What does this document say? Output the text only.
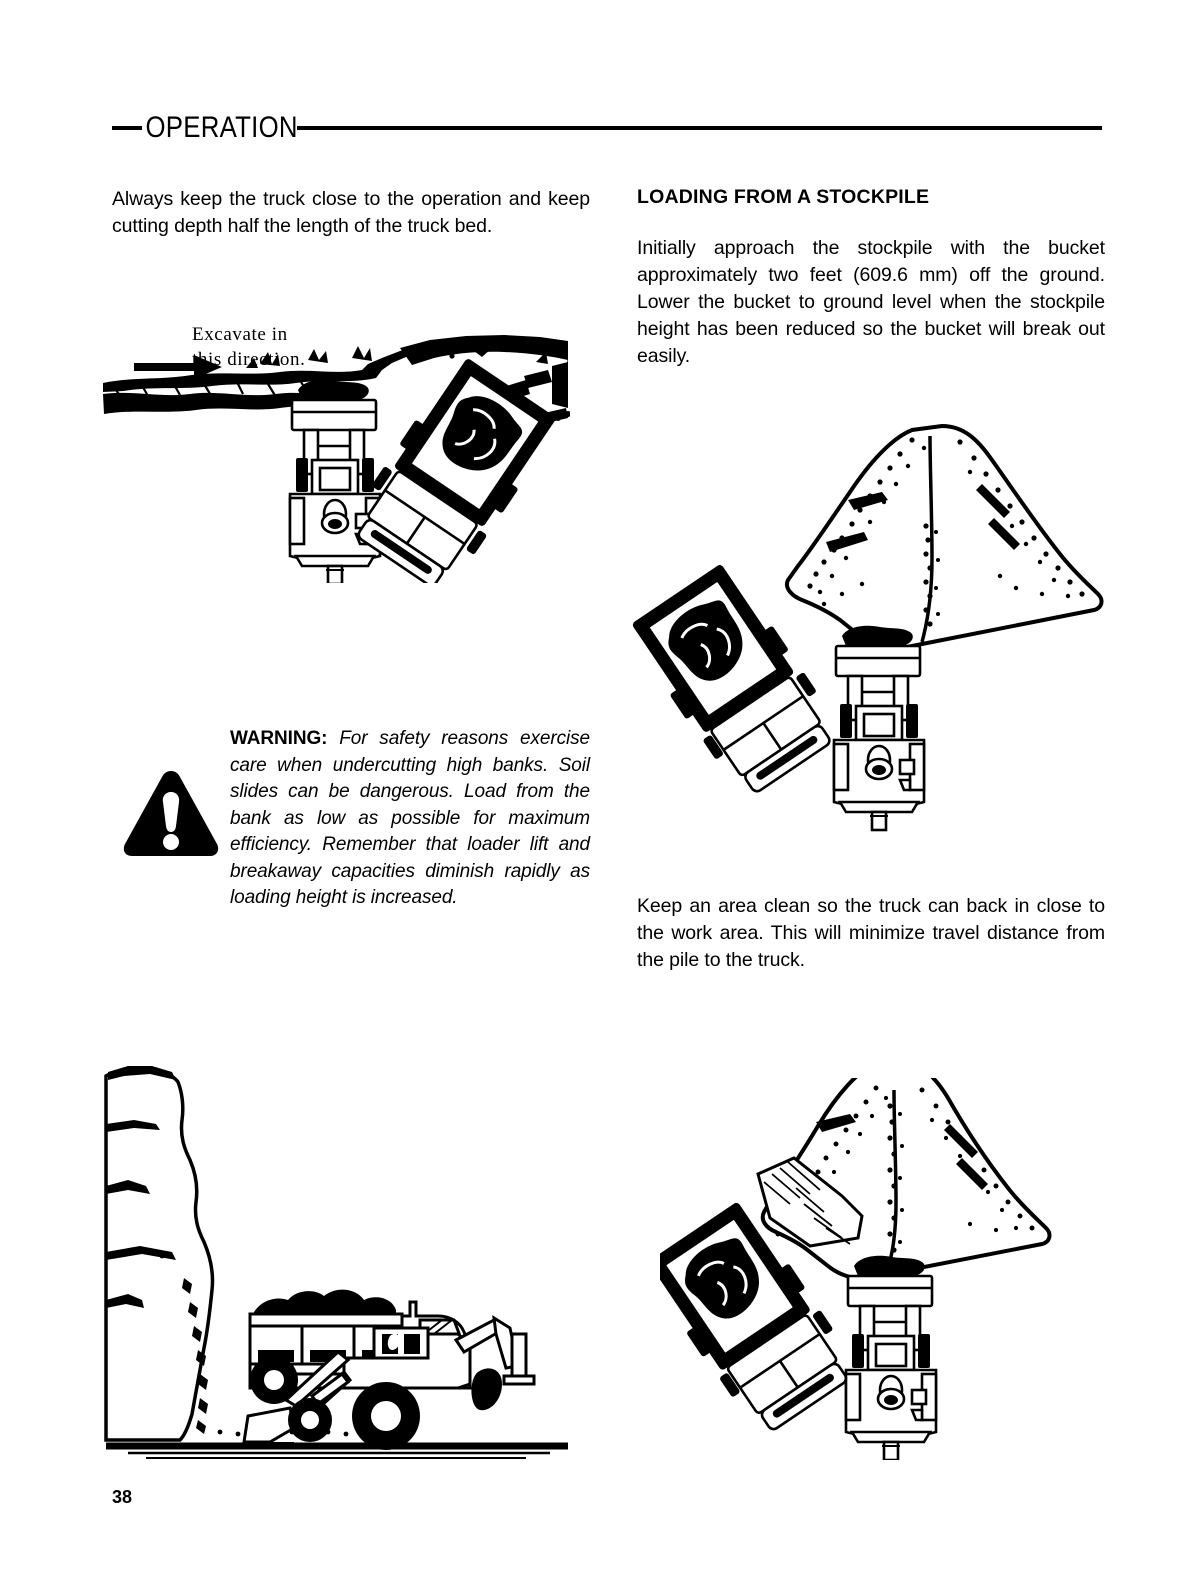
OPERATION

Always keep the truck close to the operation and keep cutting depth half the length of the truck bed.

LOADING FROM A STOCKPILE

Initially approach the stockpile with the bucket approximately two feet (609.6 mm) off the ground. Lower the bucket to ground level when the stockpile height has been reduced so the bucket will break out easily.

Excavate in
this direction.
WARNING: For safety reasons exercise care when undercutting high banks. Soil slides can be dangerous. Load from the bank as low as possible for maximum efficiency. Remember that loader lift and breakaway capacities diminish rapidly as loading height is increased.	Keep an area clean so the truck can back in close to the work area. This will minimize travel distance from the pile to the truck.

38
